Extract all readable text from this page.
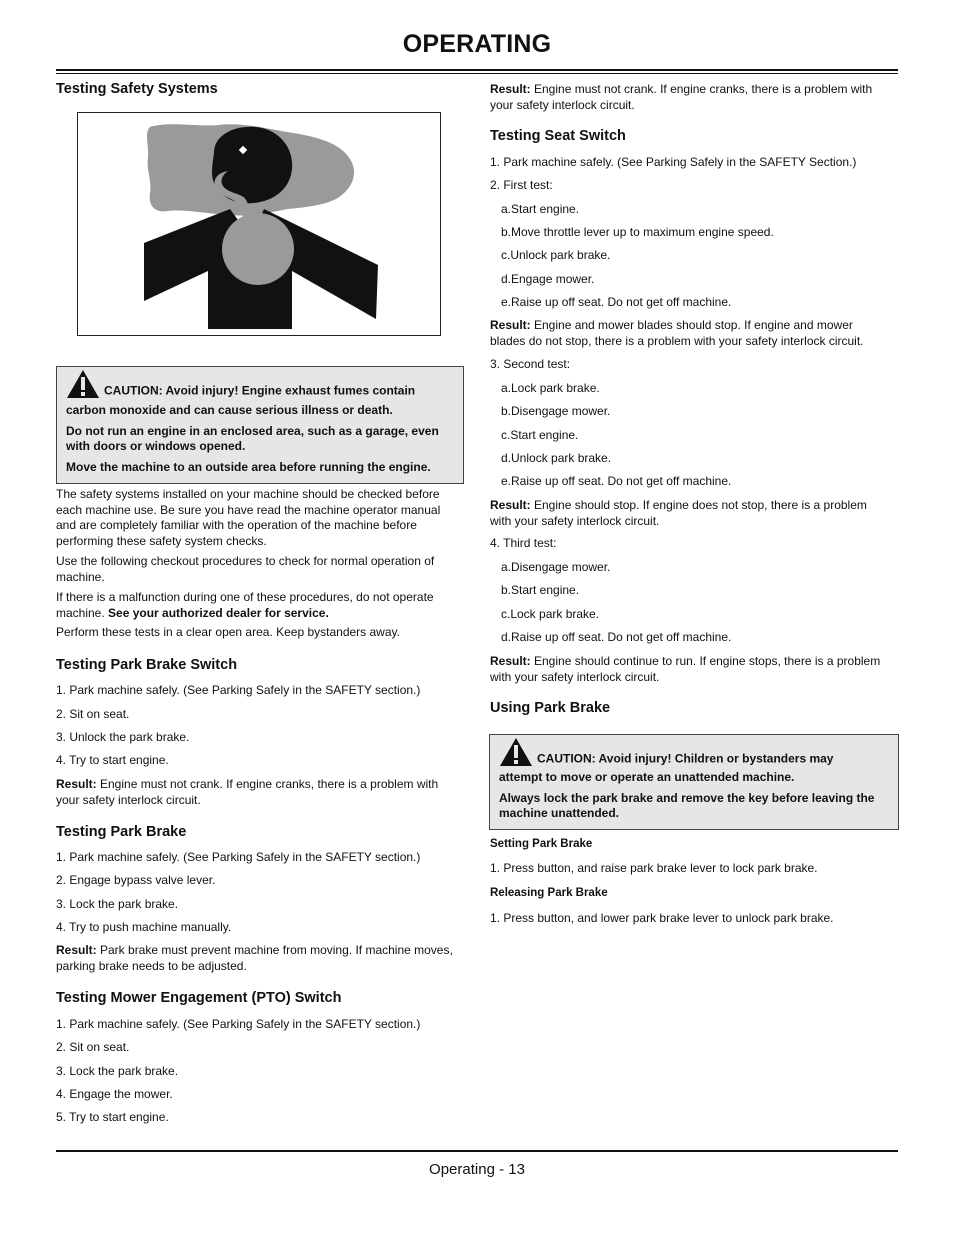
OPERATING
Testing Safety Systems
CAUTION: Avoid injury! Engine exhaust fumes contain
carbon monoxide and can cause serious illness or death.
Do not run an engine in an enclosed area, such as a garage, even
with doors or windows opened.
Move the machine to an outside area before running the engine.
The safety systems installed on your machine should be checked before
each machine use. Be sure you have read the machine operator manual
and are completely familiar with the operation of the machine before
performing these safety system checks.
Use the following checkout procedures to check for normal operation of
machine.
If there is a malfunction during one of these procedures, do not operate
machine. See your authorized dealer for service.
Perform these tests in a clear open area. Keep bystanders away.
Testing Park Brake Switch
1. Park machine safely. (See Parking Safely in the SAFETY section.)
2. Sit on seat.
3. Unlock the park brake.
4. Try to start engine.
Result: Engine must not crank. If engine cranks, there is a problem with
your safety interlock circuit.
Testing Park Brake
1. Park machine safely. (See Parking Safely in the SAFETY section.)
2. Engage bypass valve lever.
3. Lock the park brake.
4. Try to push machine manually.
Result: Park brake must prevent machine from moving. If machine moves,
parking brake needs to be adjusted.
Testing Mower Engagement (PTO) Switch
1. Park machine safely. (See Parking Safely in the SAFETY section.)
2. Sit on seat.
3. Lock the park brake.
4. Engage the mower.
5. Try to start engine.
Result: Engine must not crank. If engine cranks, there is a problem with
your safety interlock circuit.
Testing Seat Switch
1. Park machine safely. (See Parking Safely in the SAFETY Section.)
2. First test:
a.Start engine.
b.Move throttle lever up to maximum engine speed.
c.Unlock park brake.
d.Engage mower.
e.Raise up off seat. Do not get off machine.
Result: Engine and mower blades should stop. If engine and mower
blades do not stop, there is a problem with your safety interlock circuit.
3. Second test:
a.Lock park brake.
b.Disengage mower.
c.Start engine.
d.Unlock park brake.
e.Raise up off seat. Do not get off machine.
Result: Engine should stop. If engine does not stop, there is a problem
with your safety interlock circuit.
4. Third test:
a.Disengage mower.
b.Start engine.
c.Lock park brake.
d.Raise up off seat. Do not get off machine.
Result: Engine should continue to run. If engine stops, there is a problem
with your safety interlock circuit.
Using Park Brake
CAUTION: Avoid injury! Children or bystanders may
attempt to move or operate an unattended machine.
Always lock the park brake and remove the key before leaving the
machine unattended.
Setting Park Brake
1. Press button, and raise park brake lever to lock park brake.
Releasing Park Brake
1. Press button, and lower park brake lever to unlock park brake.
Operating - 13
